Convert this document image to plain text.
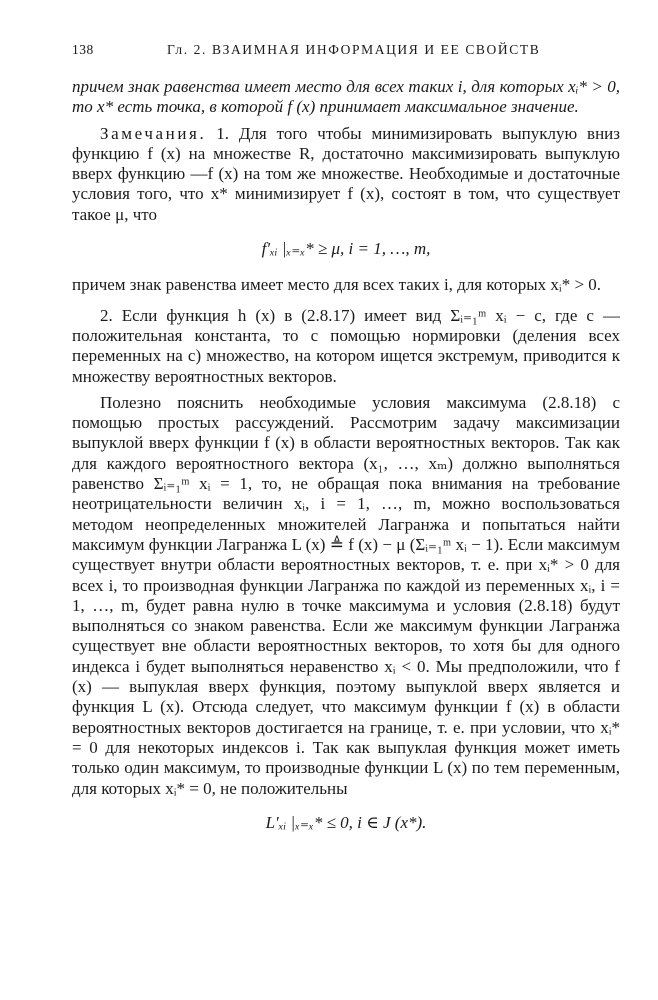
138	Гл. 2. ВЗАИМНАЯ ИНФОРМАЦИЯ И ЕЕ СВОЙСТВ

причем знак равенства имеет место для всех таких i, для которых xᵢ* > 0, то x* есть точка, в которой f (x) принимает максимальное значение.

Замечания. 1. Для того чтобы минимизировать выпуклую вниз функцию f (x) на множестве R, достаточно максимизировать выпуклую вверх функцию —f (x) на том же множестве. Необходимые и достаточные условия того, что x* минимизирует f (x), состоят в том, что существует такое μ, что

f′ₓᵢ |ₓ₌ₓ* ≥ μ, i = 1, …, m,

причем знак равенства имеет место для всех таких i, для которых xᵢ* > 0.

2. Если функция h (x) в (2.8.17) имеет вид Σᵢ₌₁ᵐ xᵢ − c, где c — положительная константа, то с помощью нормировки (деления всех переменных на c) множество, на котором ищется экстремум, приводится к множеству вероятностных векторов.

Полезно пояснить необходимые условия максимума (2.8.18) с помощью простых рассуждений. Рассмотрим задачу максимизации выпуклой вверх функции f (x) в области вероятностных векторов. Так как для каждого вероятностного вектора (x₁, …, xₘ) должно выполняться равенство Σᵢ₌₁ᵐ xᵢ = 1, то, не обращая пока внимания на требование неотрицательности величин xᵢ, i = 1, …, m, можно воспользоваться методом неопределенных множителей Лагранжа и попытаться найти максимум функции Лагранжа L (x) ≜ f (x) − μ (Σᵢ₌₁ᵐ xᵢ − 1). Если максимум существует внутри области вероятностных векторов, т. е. при xᵢ* > 0 для всех i, то производная функции Лагранжа по каждой из переменных xᵢ, i = 1, …, m, будет равна нулю в точке максимума и условия (2.8.18) будут выполняться со знаком равенства. Если же максимум функции Лагранжа существует вне области вероятностных векторов, то хотя бы для одного индекса i будет выполняться неравенство xᵢ < 0. Мы предположили, что f (x) — выпуклая вверх функция, поэтому выпуклой вверх является и функция L (x). Отсюда следует, что максимум функции f (x) в области вероятностных векторов достигается на границе, т. е. при условии, что xᵢ* = 0 для некоторых индексов i. Так как выпуклая функция может иметь только один максимум, то производные функции L (x) по тем переменным, для которых xᵢ* = 0, не положительны

L′ₓᵢ |ₓ₌ₓ* ≤ 0, i ∈ J (x*).
